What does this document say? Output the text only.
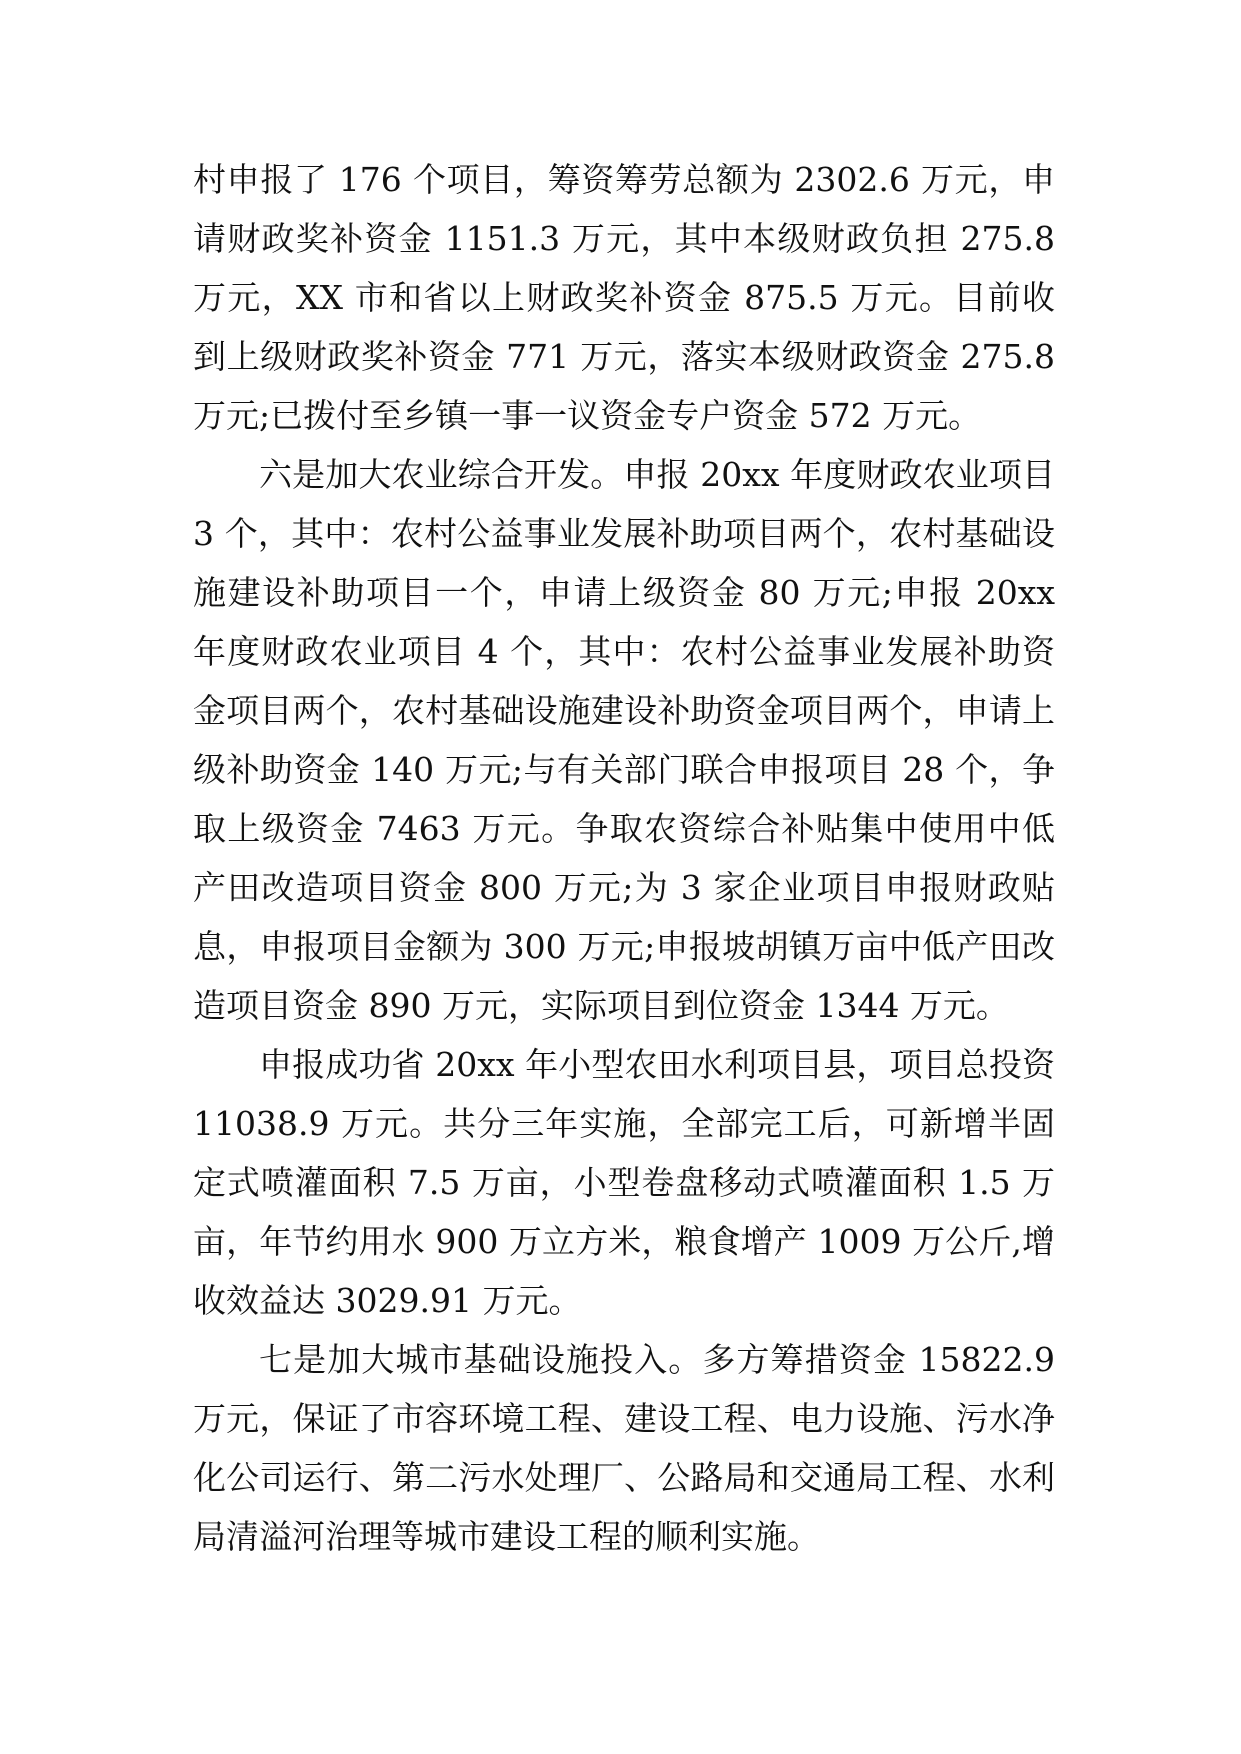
村申报了 176 个项目，筹资筹劳总额为 2302.6 万元，申请财政奖补资金 1151.3 万元，其中本级财政负担 275.8 万元，XX 市和省以上财政奖补资金 875.5 万元。目前收到上级财政奖补资金 771 万元，落实本级财政资金 275.8 万元;已拨付至乡镇一事一议资金专户资金 572 万元。

六是加大农业综合开发。申报 20xx 年度财政农业项目 3 个，其中：农村公益事业发展补助项目两个，农村基础设施建设补助项目一个，申请上级资金 80 万元;申报 20xx 年度财政农业项目 4 个，其中：农村公益事业发展补助资金项目两个，农村基础设施建设补助资金项目两个，申请上级补助资金 140 万元;与有关部门联合申报项目 28 个，争取上级资金 7463 万元。争取农资综合补贴集中使用中低产田改造项目资金 800 万元;为 3 家企业项目申报财政贴息，申报项目金额为 300 万元;申报坡胡镇万亩中低产田改造项目资金 890 万元，实际项目到位资金 1344 万元。

申报成功省 20xx 年小型农田水利项目县，项目总投资 11038.9 万元。共分三年实施，全部完工后，可新增半固定式喷灌面积 7.5 万亩，小型卷盘移动式喷灌面积 1.5 万亩，年节约用水 900 万立方米，粮食增产 1009 万公斤,增收效益达 3029.91 万元。

七是加大城市基础设施投入。多方筹措资金 15822.9 万元，保证了市容环境工程、建设工程、电力设施、污水净化公司运行、第二污水处理厂、公路局和交通局工程、水利局清溢河治理等城市建设工程的顺利实施。
